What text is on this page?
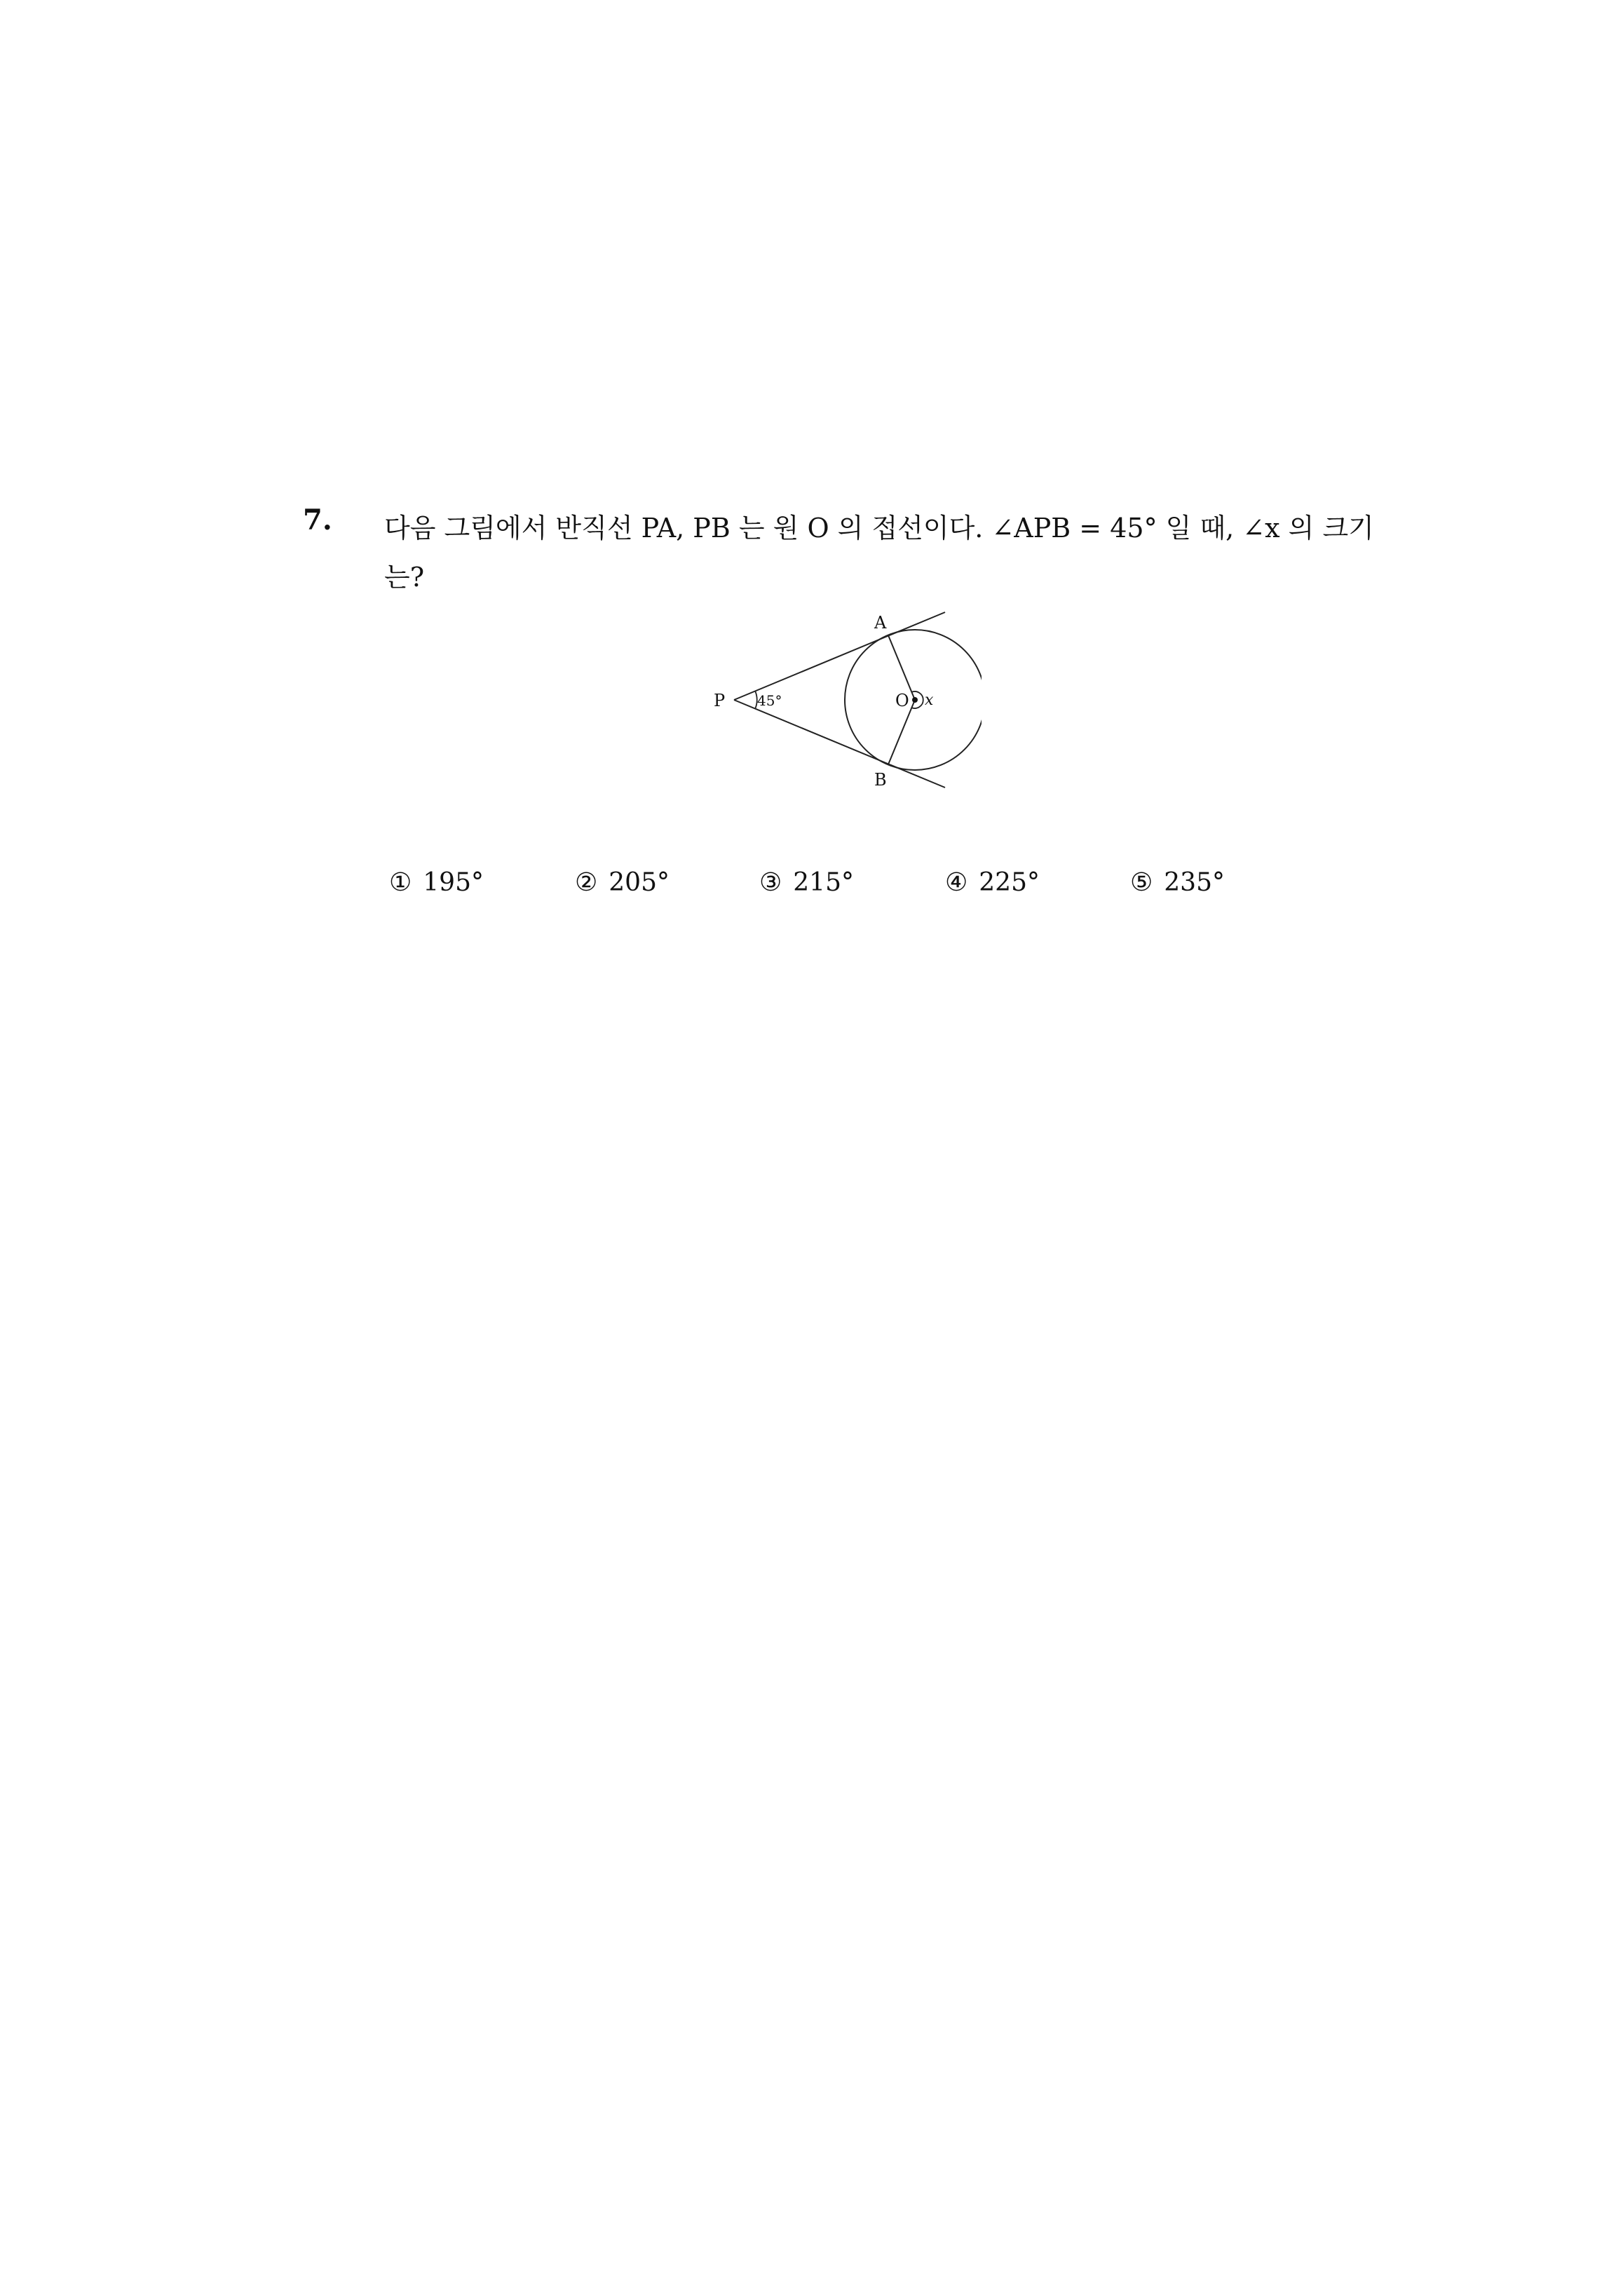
7. 다음 그림에서 반직선 PA, PB 는 원 O 의 접선이다. ∠APB = 45° 일 때, ∠x 의 크기는?
A
B
P	O
45°	x
① 195°	② 205°	③ 215°	④ 225°	⑤ 235°
